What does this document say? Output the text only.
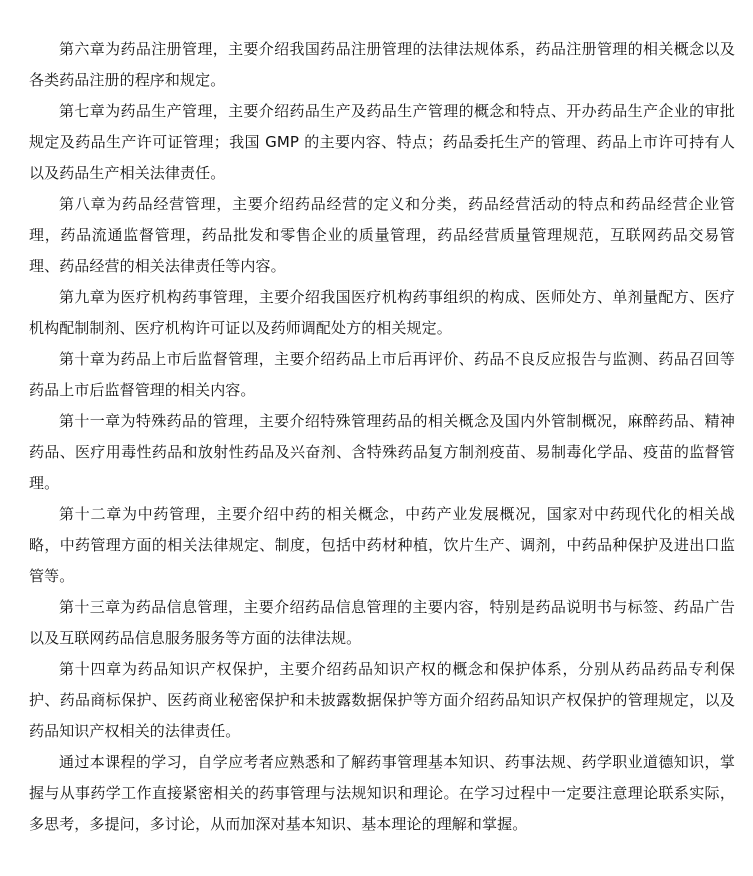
第六章为药品注册管理，主要介绍我国药品注册管理的法律法规体系，药品注册管理的相关概念以及各类药品注册的程序和规定。

第七章为药品生产管理，主要介绍药品生产及药品生产管理的概念和特点、开办药品生产企业的审批规定及药品生产许可证管理；我国 GMP 的主要内容、特点；药品委托生产的管理、药品上市许可持有人以及药品生产相关法律责任。

第八章为药品经营管理，主要介绍药品经营的定义和分类，药品经营活动的特点和药品经营企业管理，药品流通监督管理，药品批发和零售企业的质量管理，药品经营质量管理规范，互联网药品交易管理、药品经营的相关法律责任等内容。

第九章为医疗机构药事管理，主要介绍我国医疗机构药事组织的构成、医师处方、单剂量配方、医疗机构配制制剂、医疗机构许可证以及药师调配处方的相关规定。

第十章为药品上市后监督管理，主要介绍药品上市后再评价、药品不良反应报告与监测、药品召回等药品上市后监督管理的相关内容。

第十一章为特殊药品的管理，主要介绍特殊管理药品的相关概念及国内外管制概况，麻醉药品、精神药品、医疗用毒性药品和放射性药品及兴奋剂、含特殊药品复方制剂疫苗、易制毒化学品、疫苗的监督管理。

第十二章为中药管理，主要介绍中药的相关概念，中药产业发展概况，国家对中药现代化的相关战略，中药管理方面的相关法律规定、制度，包括中药材种植，饮片生产、调剂，中药品种保护及进出口监管等。

第十三章为药品信息管理，主要介绍药品信息管理的主要内容，特别是药品说明书与标签、药品广告以及互联网药品信息服务服务等方面的法律法规。

第十四章为药品知识产权保护，主要介绍药品知识产权的概念和保护体系，分别从药品药品专利保护、药品商标保护、医药商业秘密保护和未披露数据保护等方面介绍药品知识产权保护的管理规定，以及药品知识产权相关的法律责任。

通过本课程的学习，自学应考者应熟悉和了解药事管理基本知识、药事法规、药学职业道德知识，掌握与从事药学工作直接紧密相关的药事管理与法规知识和理论。在学习过程中一定要注意理论联系实际，多思考，多提问，多讨论，从而加深对基本知识、基本理论的理解和掌握。
